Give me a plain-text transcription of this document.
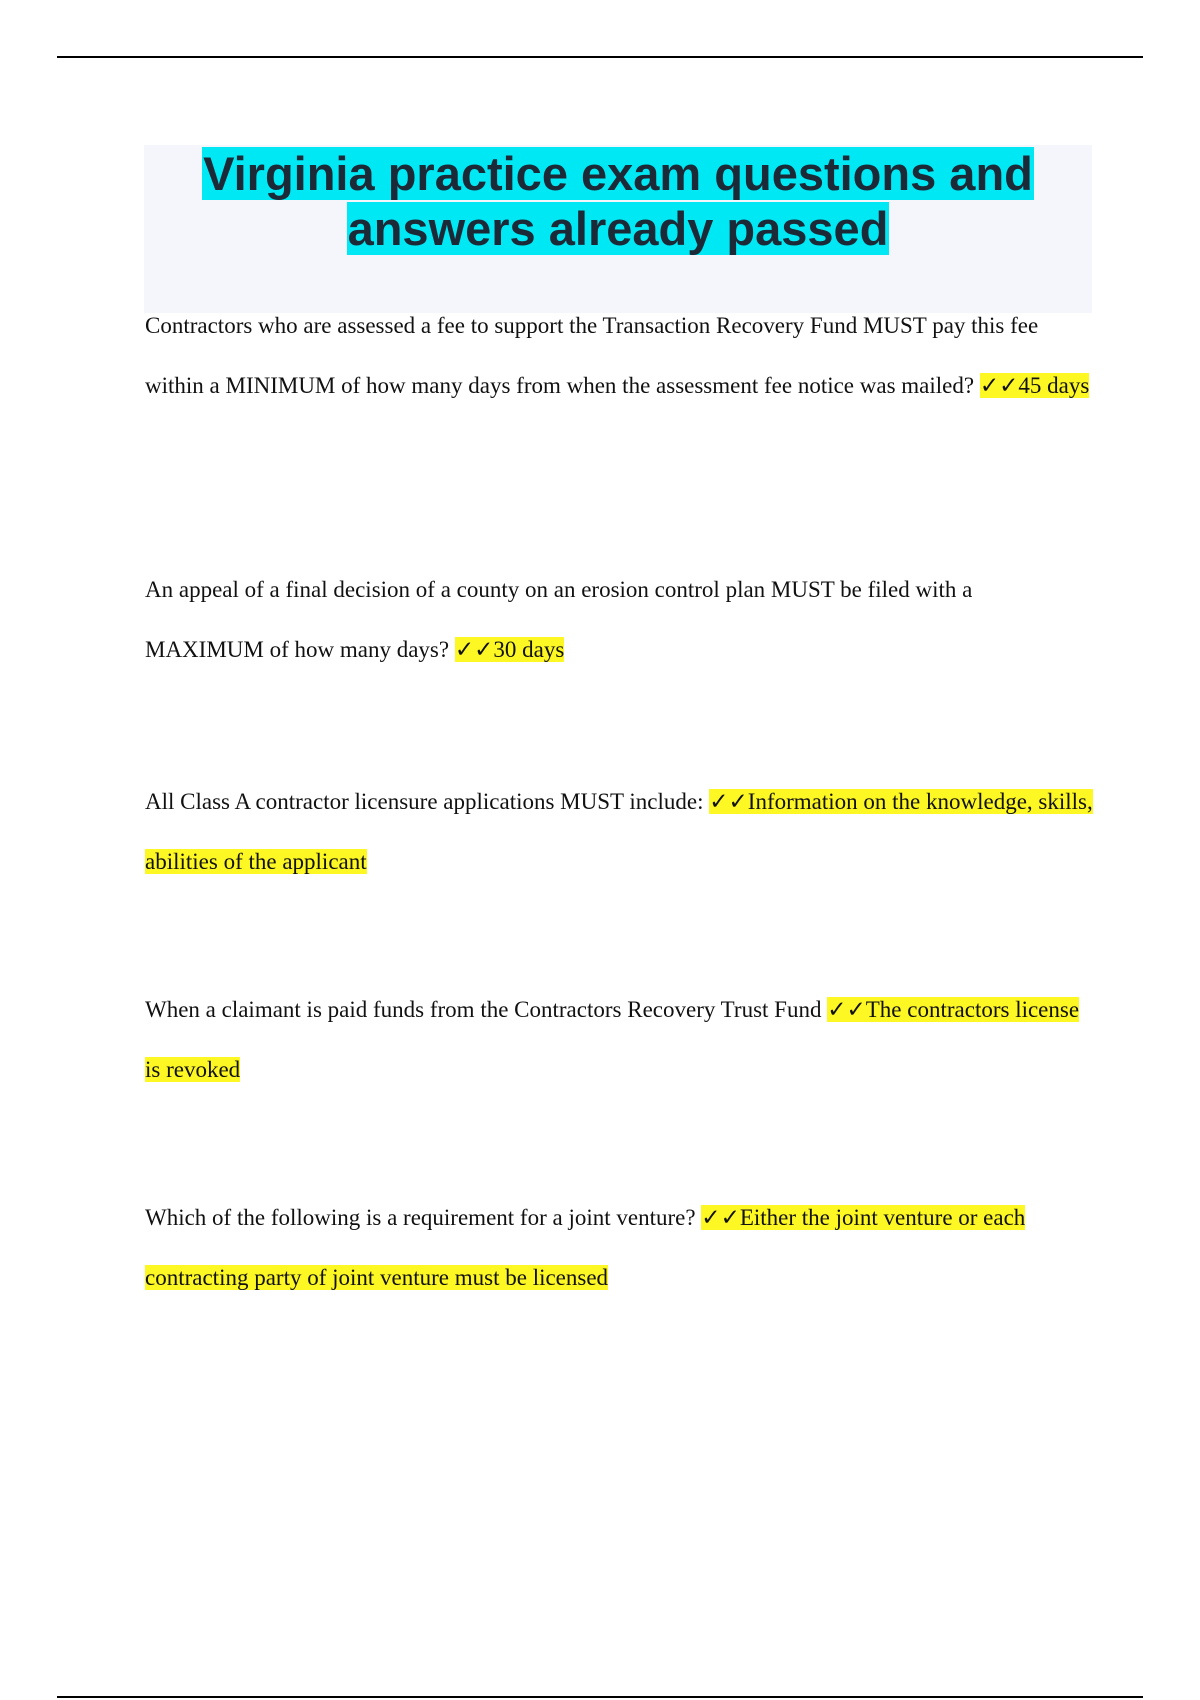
Virginia practice exam questions and answers already passed

Contractors who are assessed a fee to support the Transaction Recovery Fund MUST pay this fee within a MINIMUM of how many days from when the assessment fee notice was mailed? ✓✓45 days

An appeal of a final decision of a county on an erosion control plan MUST be filed with a MAXIMUM of how many days? ✓✓30 days

All Class A contractor licensure applications MUST include: ✓✓Information on the knowledge, skills, abilities of the applicant

When a claimant is paid funds from the Contractors Recovery Trust Fund ✓✓The contractors license is revoked

Which of the following is a requirement for a joint venture? ✓✓Either the joint venture or each contracting party of joint venture must be licensed
